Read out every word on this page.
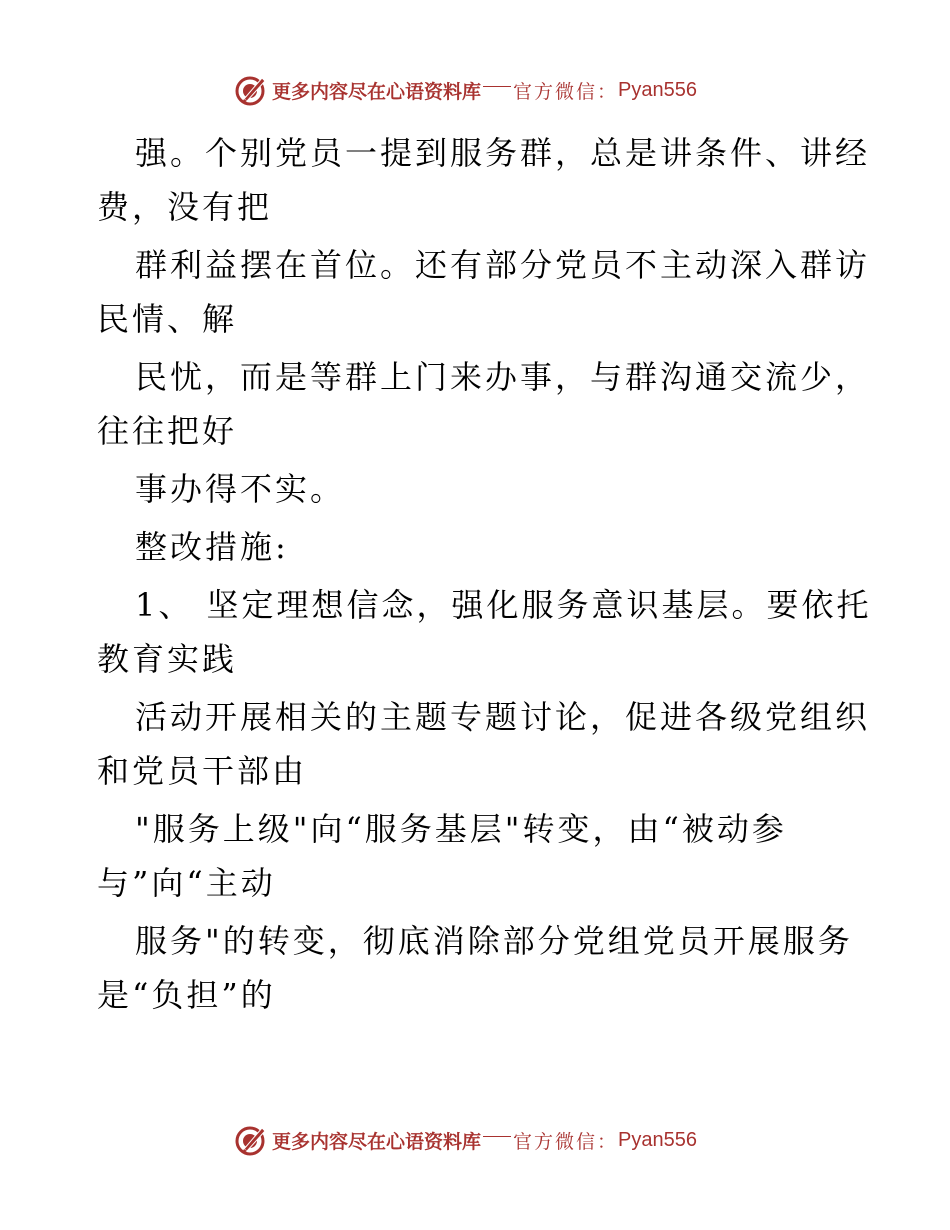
更多内容尽在心语资料库 官方微信： Pyan556
强。个别党员一提到服务群，总是讲条件、讲经
费，没有把
群利益摆在首位。还有部分党员不主动深入群访
民情、解
民忧，而是等群上门来办事，与群沟通交流少，
往往把好
事办得不实。
整改措施:
1、 坚定理想信念，强化服务意识基层。要依托
教育实践
活动开展相关的主题专题讨论，促进各级党组织
和党员干部由
"服务上级"向“服务基层"转变，由“被动参
与”向“主动
服务"的转变，彻底消除部分党组党员开展服务
是“负担”的
更多内容尽在心语资料库 官方微信： Pyan556
